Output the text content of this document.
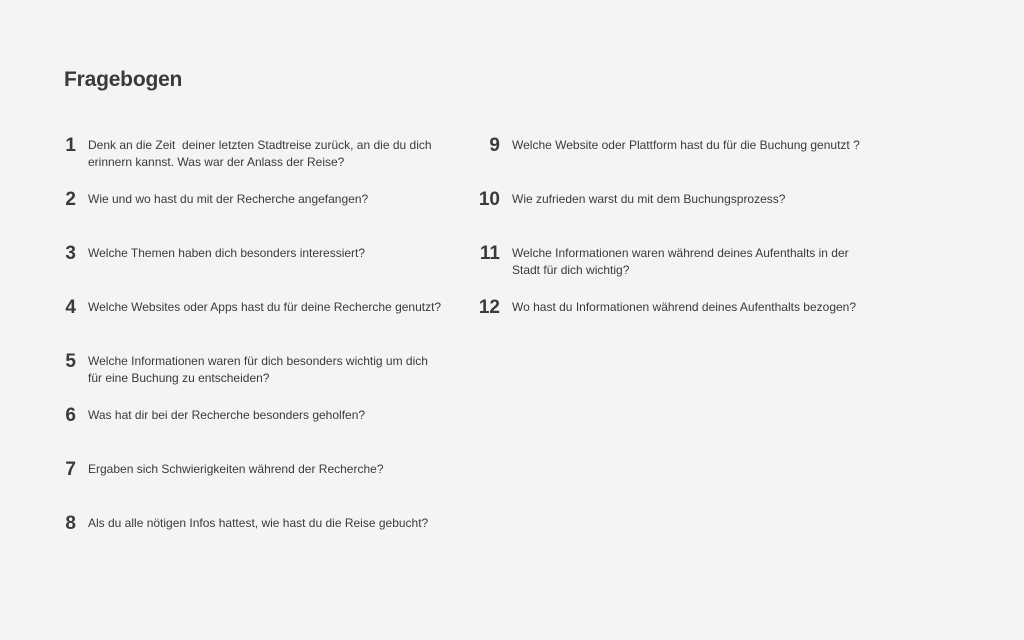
Fragebogen
1	Denk an die Zeit  deiner letzten Stadtreise zurück, an die du dich
erinnern kannst. Was war der Anlass der Reise?
2	Wie und wo hast du mit der Recherche angefangen?
3	Welche Themen haben dich besonders interessiert?
4	Welche Websites oder Apps hast du für deine Recherche genutzt?
5	Welche Informationen waren für dich besonders wichtig um dich
für eine Buchung zu entscheiden?
6	Was hat dir bei der Recherche besonders geholfen?
7	Ergaben sich Schwierigkeiten während der Recherche?
8	Als du alle nötigen Infos hattest, wie hast du die Reise gebucht?
9	Welche Website oder Plattform hast du für die Buchung genutzt ?
10	Wie zufrieden warst du mit dem Buchungsprozess?
11	Welche Informationen waren während deines Aufenthalts in der
Stadt für dich wichtig?
12	Wo hast du Informationen während deines Aufenthalts bezogen?
